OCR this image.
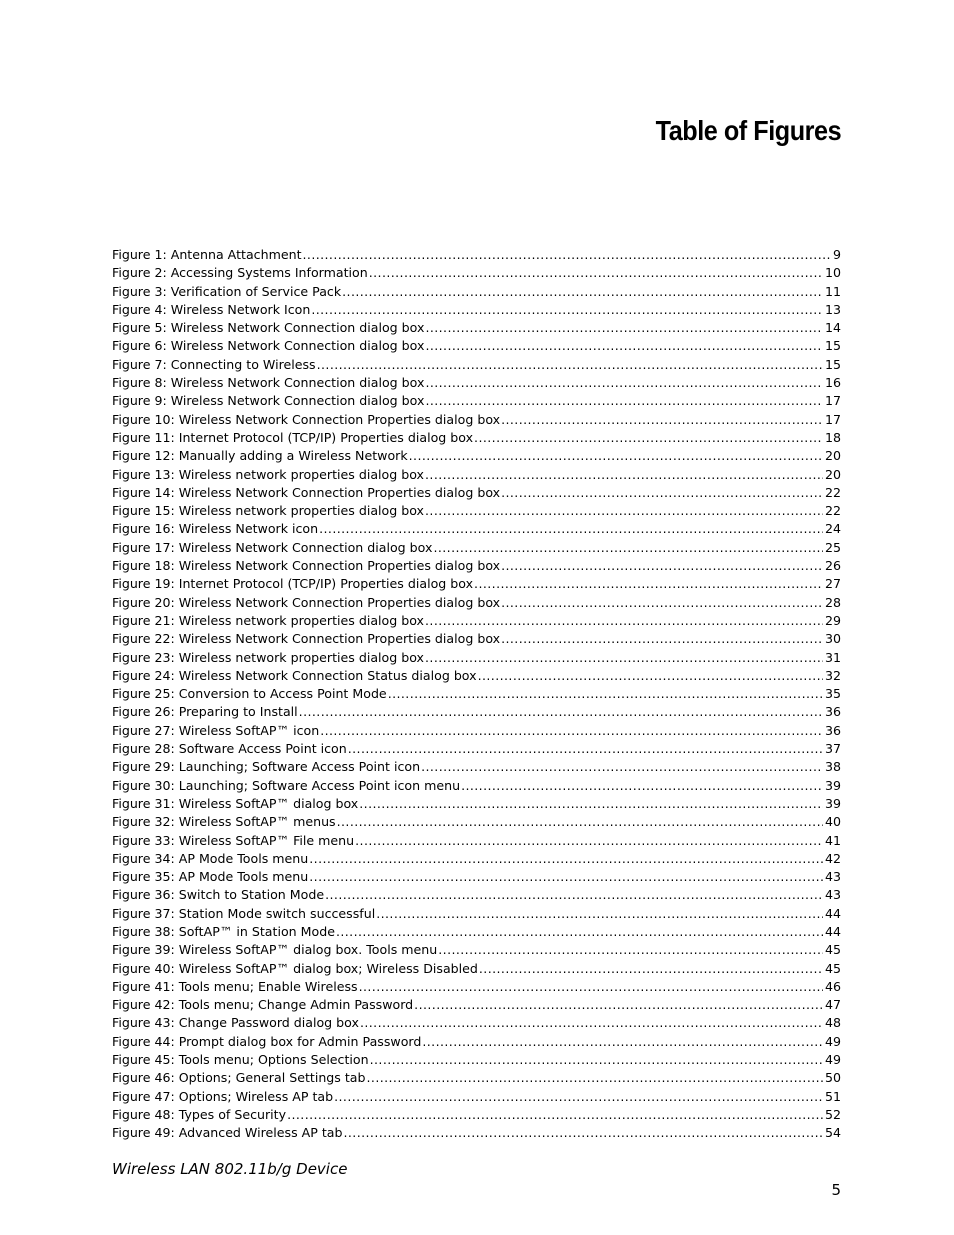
Table of Figures
Figure 1: Antenna Attachment .....	9
Figure 2: Accessing Systems Information .....	10
Figure 3: Verification of Service Pack .....	11
Figure 4: Wireless Network Icon .....	13
Figure 5: Wireless Network Connection dialog box .....	14
Figure 6: Wireless Network Connection dialog box .....	15
Figure 7: Connecting to Wireless .....	15
Figure 8: Wireless Network Connection dialog box .....	16
Figure 9: Wireless Network Connection dialog box .....	17
Figure 10: Wireless Network Connection Properties dialog box .....	17
Figure 11: Internet Protocol (TCP/IP) Properties dialog box .....	18
Figure 12: Manually adding a Wireless Network .....	20
Figure 13: Wireless network properties dialog box .....	20
Figure 14: Wireless Network Connection Properties dialog box .....	22
Figure 15: Wireless network properties dialog box .....	22
Figure 16: Wireless Network icon .....	24
Figure 17: Wireless Network Connection dialog box .....	25
Figure 18: Wireless Network Connection Properties dialog box .....	26
Figure 19: Internet Protocol (TCP/IP) Properties dialog box .....	27
Figure 20: Wireless Network Connection Properties dialog box .....	28
Figure 21: Wireless network properties dialog box .....	29
Figure 22: Wireless Network Connection Properties dialog box .....	30
Figure 23: Wireless network properties dialog box .....	31
Figure 24: Wireless Network Connection Status dialog box .....	32
Figure 25: Conversion to Access Point Mode .....	35
Figure 26: Preparing to Install .....	36
Figure 27: Wireless SoftAP™ icon .....	36
Figure 28: Software Access Point icon .....	37
Figure 29: Launching; Software Access Point icon .....	38
Figure 30: Launching; Software Access Point icon menu .....	39
Figure 31: Wireless SoftAP™ dialog box .....	39
Figure 32: Wireless SoftAP™ menus .....	40
Figure 33: Wireless SoftAP™ File menu .....	41
Figure 34: AP Mode Tools menu .....	42
Figure 35: AP Mode Tools menu .....	43
Figure 36: Switch to Station Mode .....	43
Figure 37: Station Mode switch successful .....	44
Figure 38: SoftAP™ in Station Mode .....	44
Figure 39: Wireless SoftAP™ dialog box. Tools menu .....	45
Figure 40: Wireless SoftAP™ dialog box; Wireless Disabled .....	45
Figure 41: Tools menu; Enable Wireless .....	46
Figure 42: Tools menu; Change Admin Password .....	47
Figure 43: Change Password dialog box .....	48
Figure 44: Prompt dialog box for Admin Password .....	49
Figure 45: Tools menu; Options Selection .....	49
Figure 46: Options; General Settings tab .....	50
Figure 47: Options; Wireless AP tab .....	51
Figure 48: Types of Security .....	52
Figure 49: Advanced Wireless AP tab .....	54
Wireless LAN 802.11b/g Device
5
